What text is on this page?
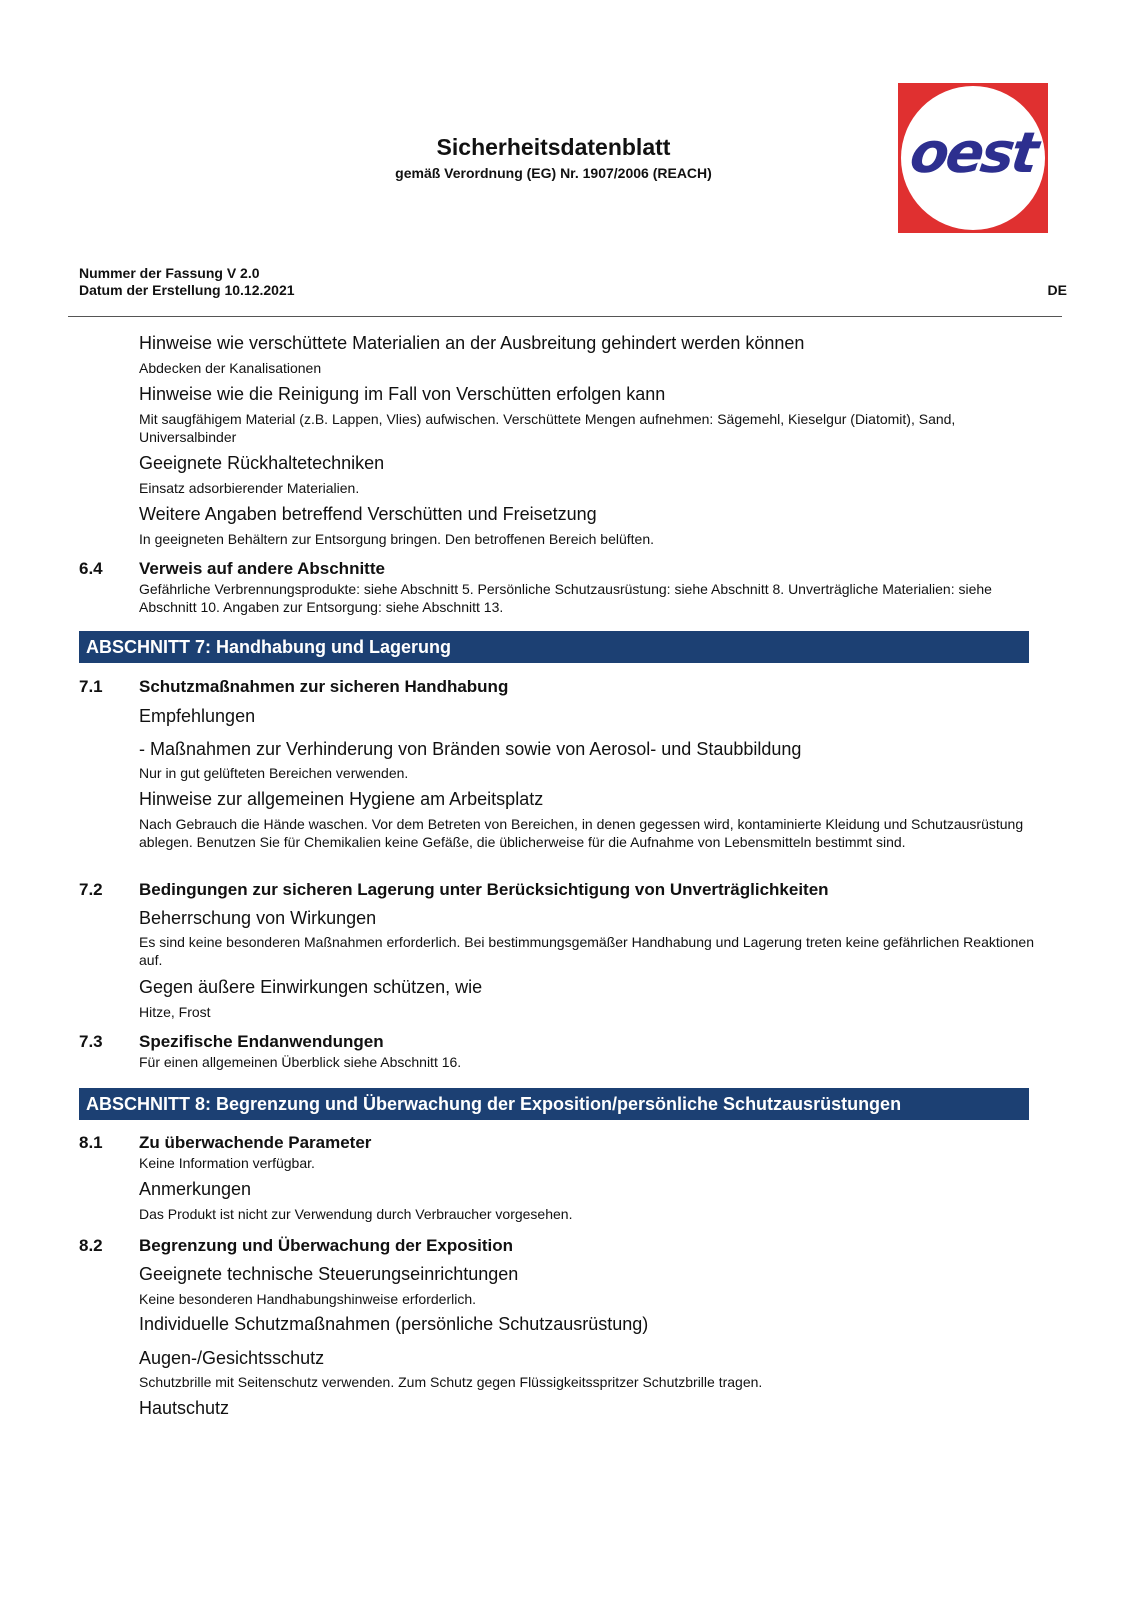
Sicherheitsdatenblatt
gemäß Verordnung (EG) Nr. 1907/2006 (REACH)	oest
Nummer der Fassung V 2.0
Datum der Erstellung 10.12.2021	DE
Hinweise wie verschüttete Materialien an der Ausbreitung gehindert werden können
Abdecken der Kanalisationen
Hinweise wie die Reinigung im Fall von Verschütten erfolgen kann
Mit saugfähigem Material (z.B. Lappen, Vlies) aufwischen. Verschüttete Mengen aufnehmen: Sägemehl, Kieselgur (Diatomit), Sand, Universalbinder
Geeignete Rückhaltetechniken
Einsatz adsorbierender Materialien.
Weitere Angaben betreffend Verschütten und Freisetzung
In geeigneten Behältern zur Entsorgung bringen. Den betroffenen Bereich belüften.
6.4 Verweis auf andere Abschnitte
Gefährliche Verbrennungsprodukte: siehe Abschnitt 5. Persönliche Schutzausrüstung: siehe Abschnitt 8. Unverträgliche Materialien: siehe Abschnitt 10. Angaben zur Entsorgung: siehe Abschnitt 13.
ABSCHNITT 7: Handhabung und Lagerung
7.1 Schutzmaßnahmen zur sicheren Handhabung
Empfehlungen
- Maßnahmen zur Verhinderung von Bränden sowie von Aerosol- und Staubbildung
Nur in gut gelüfteten Bereichen verwenden.
Hinweise zur allgemeinen Hygiene am Arbeitsplatz
Nach Gebrauch die Hände waschen. Vor dem Betreten von Bereichen, in denen gegessen wird, kontaminierte Kleidung und Schutzausrüstung ablegen. Benutzen Sie für Chemikalien keine Gefäße, die üblicherweise für die Aufnahme von Lebensmitteln bestimmt sind.
7.2 Bedingungen zur sicheren Lagerung unter Berücksichtigung von Unverträglichkeiten
Beherrschung von Wirkungen
Es sind keine besonderen Maßnahmen erforderlich. Bei bestimmungsgemäßer Handhabung und Lagerung treten keine gefährlichen Reaktionen auf.
Gegen äußere Einwirkungen schützen, wie
Hitze, Frost
7.3 Spezifische Endanwendungen
Für einen allgemeinen Überblick siehe Abschnitt 16.
ABSCHNITT 8: Begrenzung und Überwachung der Exposition/persönliche Schutzausrüstungen
8.1 Zu überwachende Parameter
Keine Information verfügbar.
Anmerkungen
Das Produkt ist nicht zur Verwendung durch Verbraucher vorgesehen.
8.2 Begrenzung und Überwachung der Exposition
Geeignete technische Steuerungseinrichtungen
Keine besonderen Handhabungshinweise erforderlich.
Individuelle Schutzmaßnahmen (persönliche Schutzausrüstung)
Augen-/Gesichtsschutz
Schutzbrille mit Seitenschutz verwenden. Zum Schutz gegen Flüssigkeitsspritzer Schutzbrille tragen.
Hautschutz
